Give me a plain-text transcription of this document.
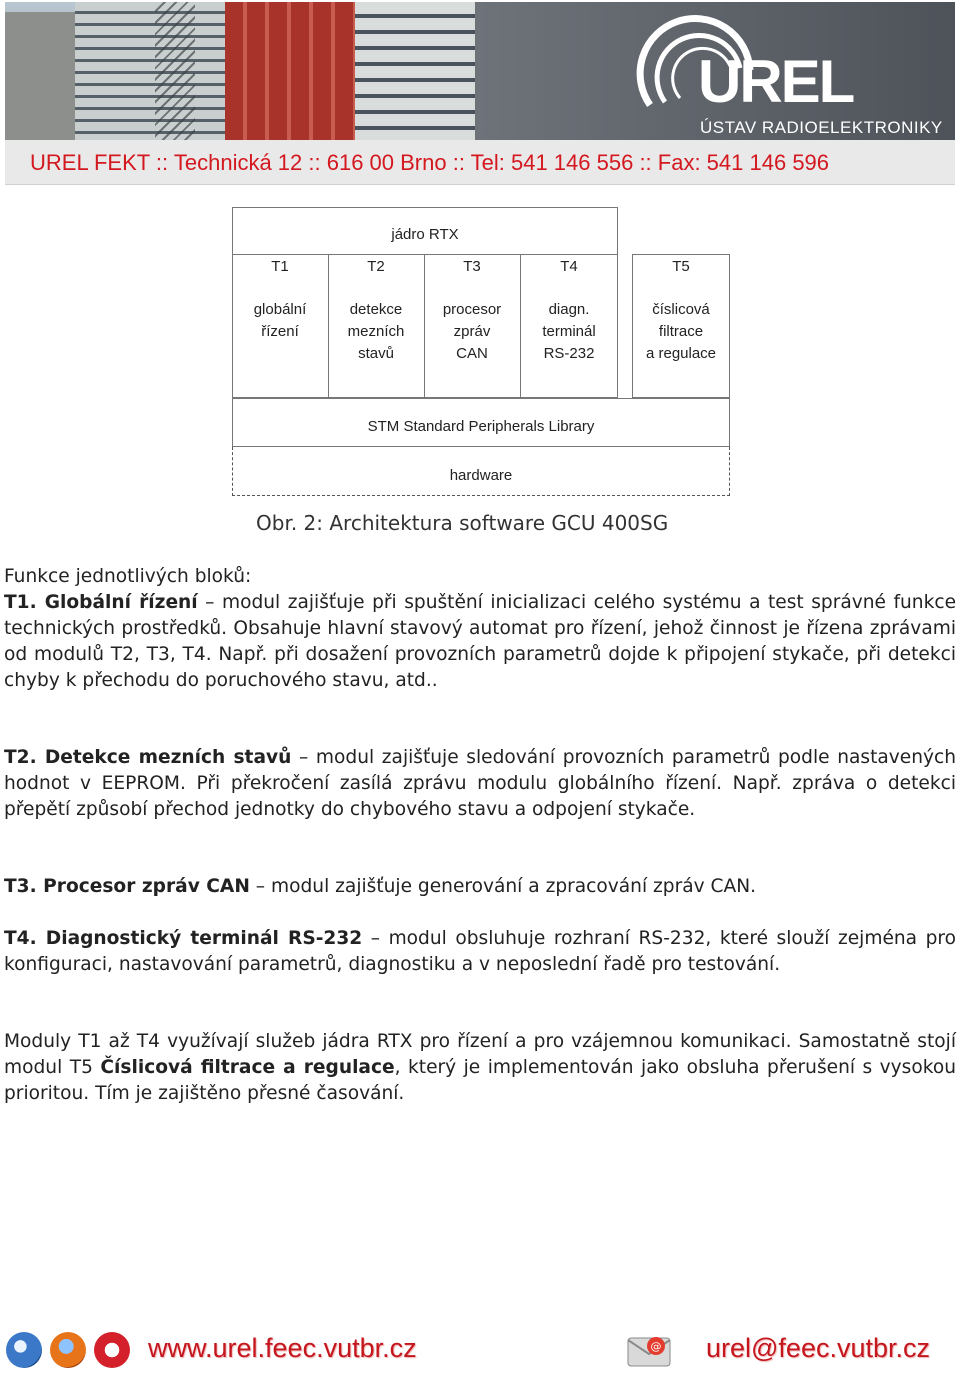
UREL
ÚSTAV RADIOELEKTRONIKY
UREL FEKT :: Technická 12 :: 616 00 Brno :: Tel: 541 146 556 :: Fax: 541 146 596
jádro RTX
T1	T2	T3	T4	T5
globální
řízení
detekce
mezních
stavů
procesor
zpráv
CAN
diagn.
terminál
RS-232
číslicová
filtrace
a regulace
STM Standard Peripherals Library
hardware
Obr. 2: Architektura software GCU 400SG
Funkce jednotlivých bloků:
T1. Globální řízení – modul zajišťuje při spuštění inicializaci celého systému a test správné funkce technických prostředků. Obsahuje hlavní stavový automat pro řízení, jehož činnost je řízena zprávami od modulů T2, T3, T4. Např. při dosažení provozních parametrů dojde k připojení stykače, při detekci chyby k přechodu do poruchového stavu, atd..
T2. Detekce mezních stavů – modul zajišťuje sledování provozních parametrů podle nastavených hodnot v EEPROM. Při překročení zasílá zprávu modulu globálního řízení. Např. zpráva o detekci přepětí způsobí přechod jednotky do chybového stavu a odpojení stykače.
T3. Procesor zpráv CAN – modul zajišťuje generování a zpracování zpráv CAN.
T4. Diagnostický terminál RS-232 – modul obsluhuje rozhraní RS-232, které slouží zejména pro konfiguraci, nastavování parametrů, diagnostiku a v neposlední řadě pro testování.
Moduly T1 až T4 využívají služeb jádra RTX pro řízení a pro vzájemnou komunikaci. Samostatně stojí modul T5 Číslicová filtrace a regulace, který je implementován jako obsluha přerušení s vysokou prioritou. Tím je zajištěno přesné časování.
www.urel.feec.vutbr.cz	@ urel@feec.vutbr.cz
